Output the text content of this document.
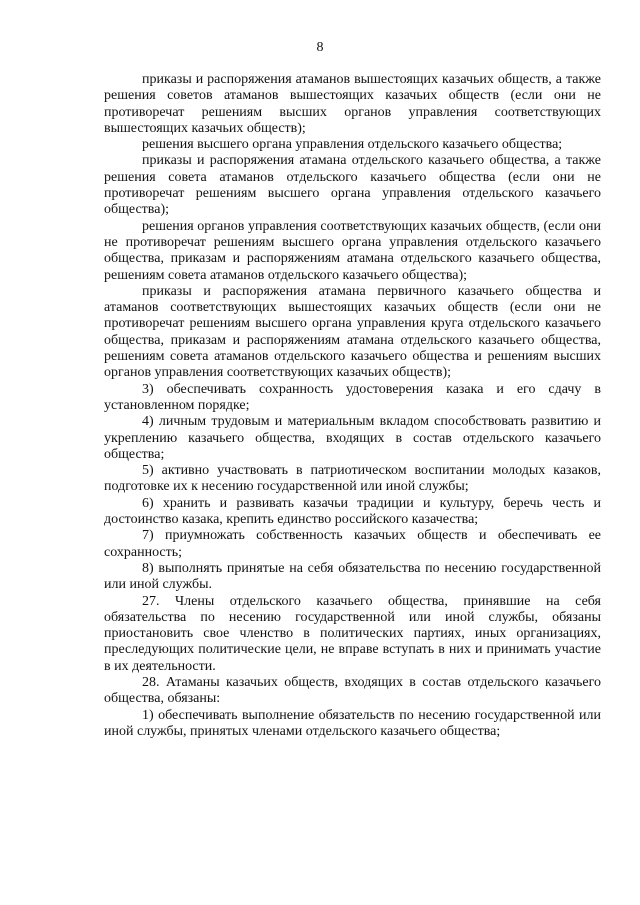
8

приказы и распоряжения атаманов вышестоящих казачьих обществ, а также решения советов атаманов вышестоящих казачьих обществ (если они не противоречат решениям высших органов управления соответствующих вышестоящих казачьих обществ);

решения высшего органа управления отдельского казачьего общества;

приказы и распоряжения атамана отдельского казачьего общества, а также решения совета атаманов отдельского казачьего общества (если они не противоречат решениям высшего органа управления отдельского казачьего общества);

решения органов управления соответствующих казачьих обществ, (если они не противоречат решениям высшего органа управления отдельского казачьего общества, приказам и распоряжениям атамана отдельского казачьего общества, решениям совета атаманов отдельского казачьего общества);

приказы и распоряжения атамана первичного казачьего общества и атаманов соответствующих вышестоящих казачьих обществ (если они не противоречат решениям высшего органа управления круга отдельского казачьего общества, приказам и распоряжениям атамана отдельского казачьего общества, решениям совета атаманов отдельского казачьего общества и решениям высших органов управления соответствующих казачьих обществ);

3) обеспечивать сохранность удостоверения казака и его сдачу в установленном порядке;

4) личным трудовым и материальным вкладом способствовать развитию и укреплению казачьего общества, входящих в состав отдельского казачьего общества;

5) активно участвовать в патриотическом воспитании молодых казаков, подготовке их к несению государственной или иной службы;

6) хранить и развивать казачьи традиции и культуру, беречь честь и достоинство казака, крепить единство российского казачества;

7) приумножать собственность казачьих обществ и обеспечивать ее сохранность;

8) выполнять принятые на себя обязательства по несению государственной или иной службы.

27. Члены отдельского казачьего общества, принявшие на себя обязательства по несению государственной или иной службы, обязаны приостановить свое членство в политических партиях, иных организациях, преследующих политические цели, не вправе вступать в них и принимать участие в их деятельности.

28. Атаманы казачьих обществ, входящих в состав отдельского казачьего общества, обязаны:

1) обеспечивать выполнение обязательств по несению государственной или иной службы, принятых членами отдельского казачьего общества;
